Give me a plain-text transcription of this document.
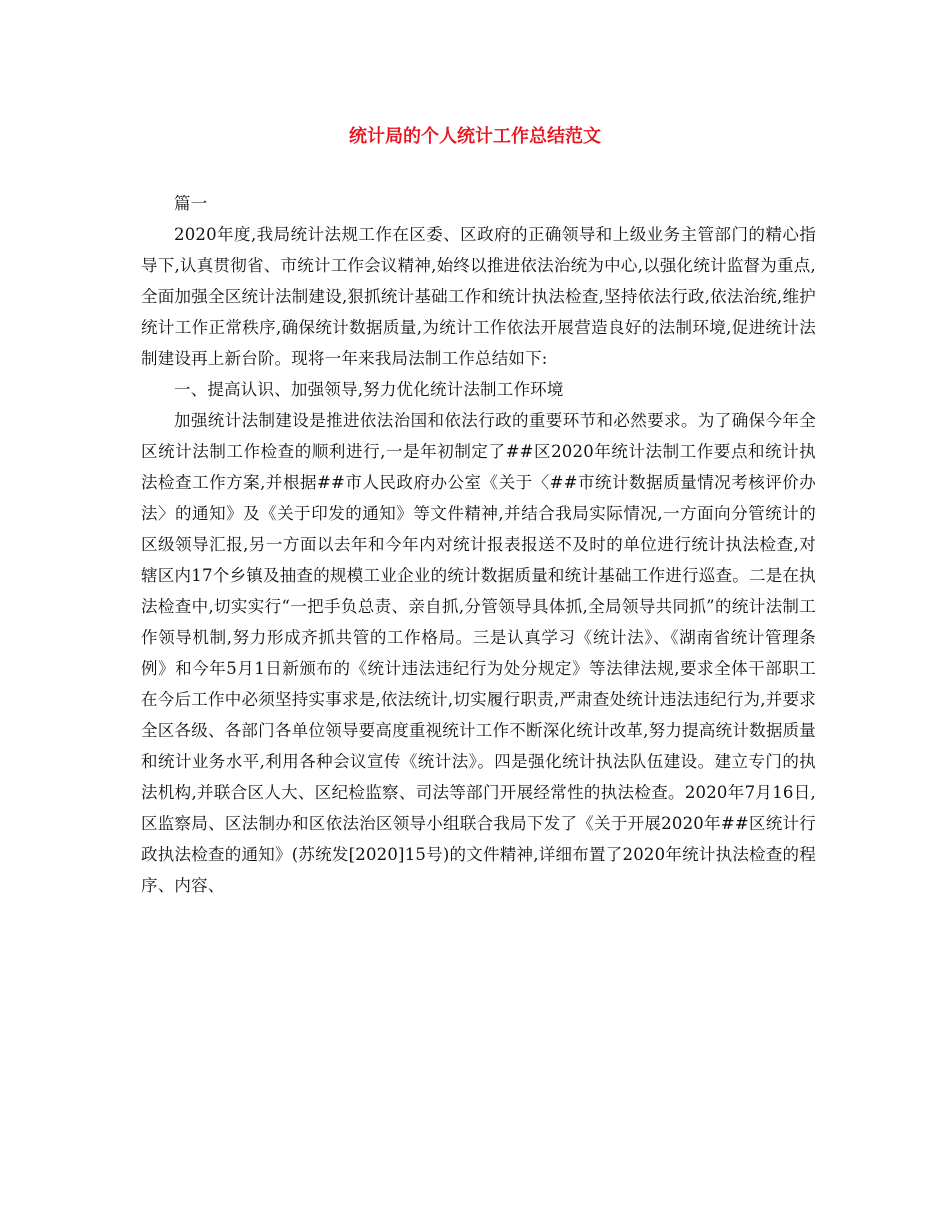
统计局的个人统计工作总结范文

篇一

2020年度,我局统计法规工作在区委、区政府的正确领导和上级业务主管部门的精心指导下,认真贯彻省、市统计工作会议精神,始终以推进依法治统为中心,以强化统计监督为重点,全面加强全区统计法制建设,狠抓统计基础工作和统计执法检查,坚持依法行政,依法治统,维护统计工作正常秩序,确保统计数据质量,为统计工作依法开展营造良好的法制环境,促进统计法制建设再上新台阶。现将一年来我局法制工作总结如下:

一、提高认识、加强领导,努力优化统计法制工作环境

加强统计法制建设是推进依法治国和依法行政的重要环节和必然要求。为了确保今年全区统计法制工作检查的顺利进行,一是年初制定了##区2020年统计法制工作要点和统计执法检查工作方案,并根据##市人民政府办公室《关于〈##市统计数据质量情况考核评价办法〉的通知》及《关于印发的通知》等文件精神,并结合我局实际情况,一方面向分管统计的区级领导汇报,另一方面以去年和今年内对统计报表报送不及时的单位进行统计执法检查,对辖区内17个乡镇及抽查的规模工业企业的统计数据质量和统计基础工作进行巡查。二是在执法检查中,切实实行“一把手负总责、亲自抓,分管领导具体抓,全局领导共同抓”的统计法制工作领导机制,努力形成齐抓共管的工作格局。三是认真学习《统计法》、《湖南省统计管理条例》和今年5月1日新颁布的《统计违法违纪行为处分规定》等法律法规,要求全体干部职工在今后工作中必须坚持实事求是,依法统计,切实履行职责,严肃查处统计违法违纪行为,并要求全区各级、各部门各单位领导要高度重视统计工作不断深化统计改革,努力提高统计数据质量和统计业务水平,利用各种会议宣传《统计法》。四是强化统计执法队伍建设。建立专门的执法机构,并联合区人大、区纪检监察、司法等部门开展经常性的执法检查。2020年7月16日,区监察局、区法制办和区依法治区领导小组联合我局下发了《关于开展2020年##区统计行政执法检查的通知》(苏统发[2020]15号)的文件精神,详细布置了2020年统计执法检查的程序、内容、
